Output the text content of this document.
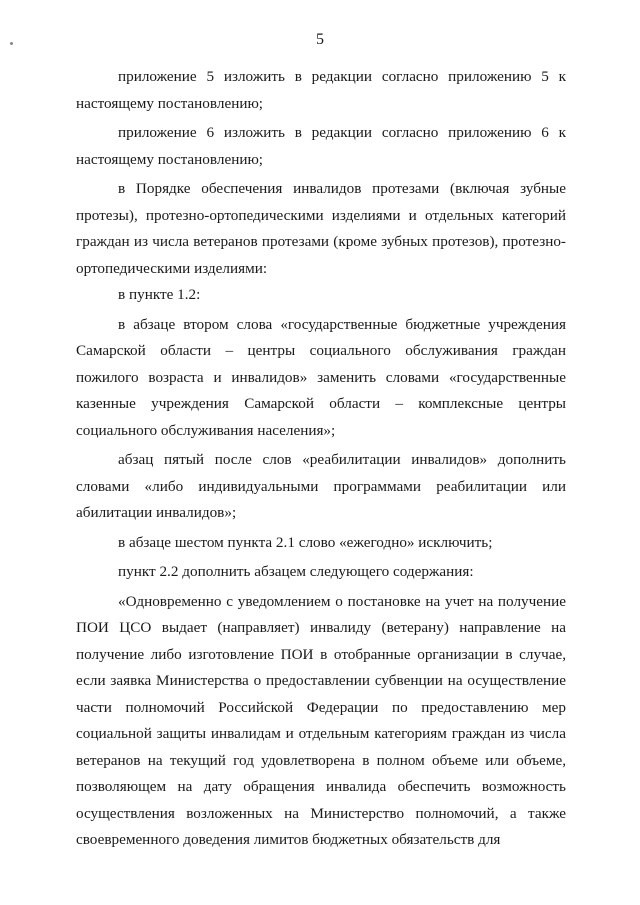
5

приложение 5 изложить в редакции согласно приложению 5 к настоящему постановлению;

приложение 6 изложить в редакции согласно приложению 6 к настоящему постановлению;

в Порядке обеспечения инвалидов протезами (включая зубные протезы), протезно-ортопедическими изделиями и отдельных категорий граждан из числа ветеранов протезами (кроме зубных протезов), протезно-ортопедическими изделиями:

в пункте 1.2:

в абзаце втором слова «государственные бюджетные учреждения Самарской области – центры социального обслуживания граждан пожилого возраста и инвалидов» заменить словами «государственные казенные учреждения Самарской области – комплексные центры социального обслуживания населения»;

абзац пятый после слов «реабилитации инвалидов» дополнить словами «либо индивидуальными программами реабилитации или абилитации инвалидов»;

в абзаце шестом пункта 2.1 слово «ежегодно» исключить;

пункт 2.2 дополнить абзацем следующего содержания:

«Одновременно с уведомлением о постановке на учет на получение ПОИ ЦСО выдает (направляет) инвалиду (ветерану) направление на получение либо изготовление ПОИ в отобранные организации в случае, если заявка Министерства о предоставлении субвенции на осуществление части полномочий Российской Федерации по предоставлению мер социальной защиты инвалидам и отдельным категориям граждан из числа ветеранов на текущий год удовлетворена в полном объеме или объеме, позволяющем на дату обращения инвалида обеспечить возможность осуществления возложенных на Министерство полномочий, а также своевременного доведения лимитов бюджетных обязательств для
